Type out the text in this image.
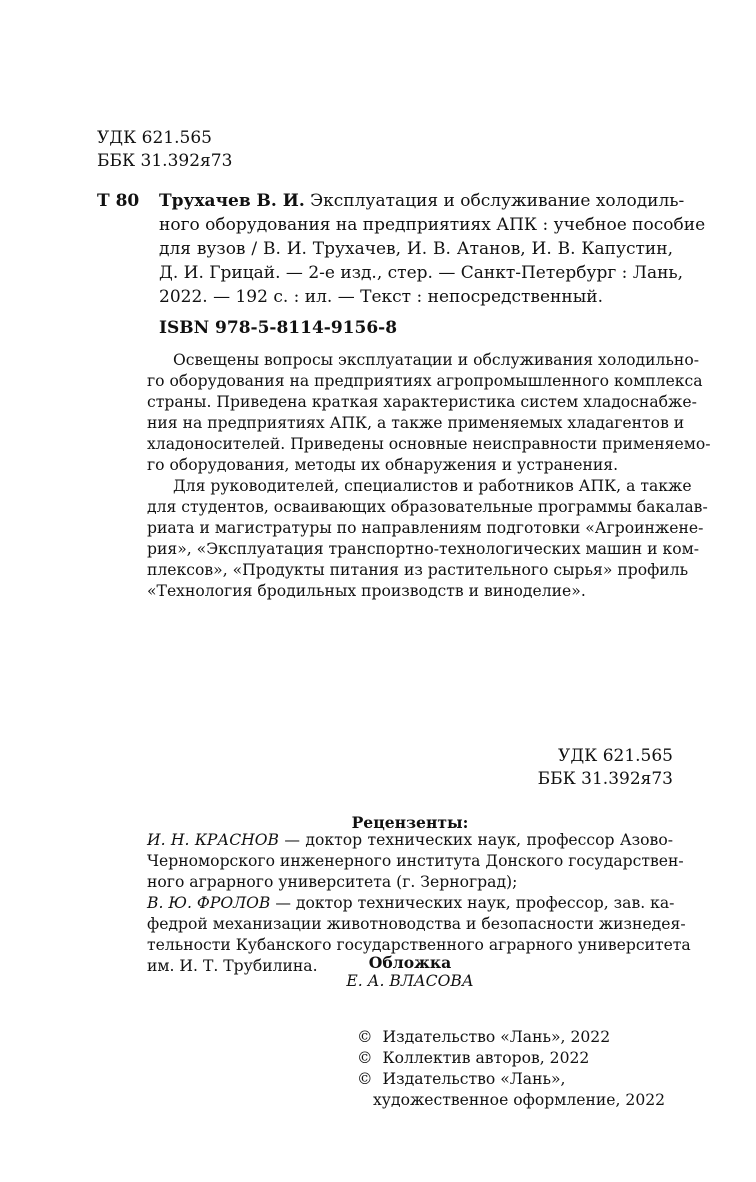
УДК 621.565
ББК 31.392я73
Т 80 Трухачев В. И. Эксплуатация и обслуживание холодиль-
ного оборудования на предприятиях АПК : учебное пособие
для вузов / В. И. Трухачев, И. В. Атанов, И. В. Капустин,
Д. И. Грицай. — 2-е изд., стер. — Санкт-Петербург : Лань,
2022. — 192 с. : ил. — Текст : непосредственный.
ISBN 978-5-8114-9156-8
Освещены вопросы эксплуатации и обслуживания холодильно-
го оборудования на предприятиях агропромышленного комплекса
страны. Приведена краткая характеристика систем хладоснабже-
ния на предприятиях АПК, а также применяемых хладагентов и
хладоносителей. Приведены основные неисправности применяемо-
го оборудования, методы их обнаружения и устранения.
Для руководителей, специалистов и работников АПК, а также
для студентов, осваивающих образовательные программы бакалав-
риата и магистратуры по направлениям подготовки «Агроинжене-
рия», «Эксплуатация транспортно-технологических машин и ком-
плексов», «Продукты питания из растительного сырья» профиль
«Технология бродильных производств и виноделие».
УДК 621.565
ББК 31.392я73
Рецензенты:
И. Н. КРАСНОВ — доктор технических наук, профессор Азово-
Черноморского инженерного института Донского государствен-
ного аграрного университета (г. Зерноград);
В. Ю. ФРОЛОВ — доктор технических наук, профессор, зав. ка-
федрой механизации животноводства и безопасности жизнедея-
тельности Кубанского государственного аграрного университета
им. И. Т. Трубилина.	Обложка
Е. А. ВЛАСОВА
© Издательство «Лань», 2022
© Коллектив авторов, 2022
© Издательство «Лань»,
художественное оформление, 2022
